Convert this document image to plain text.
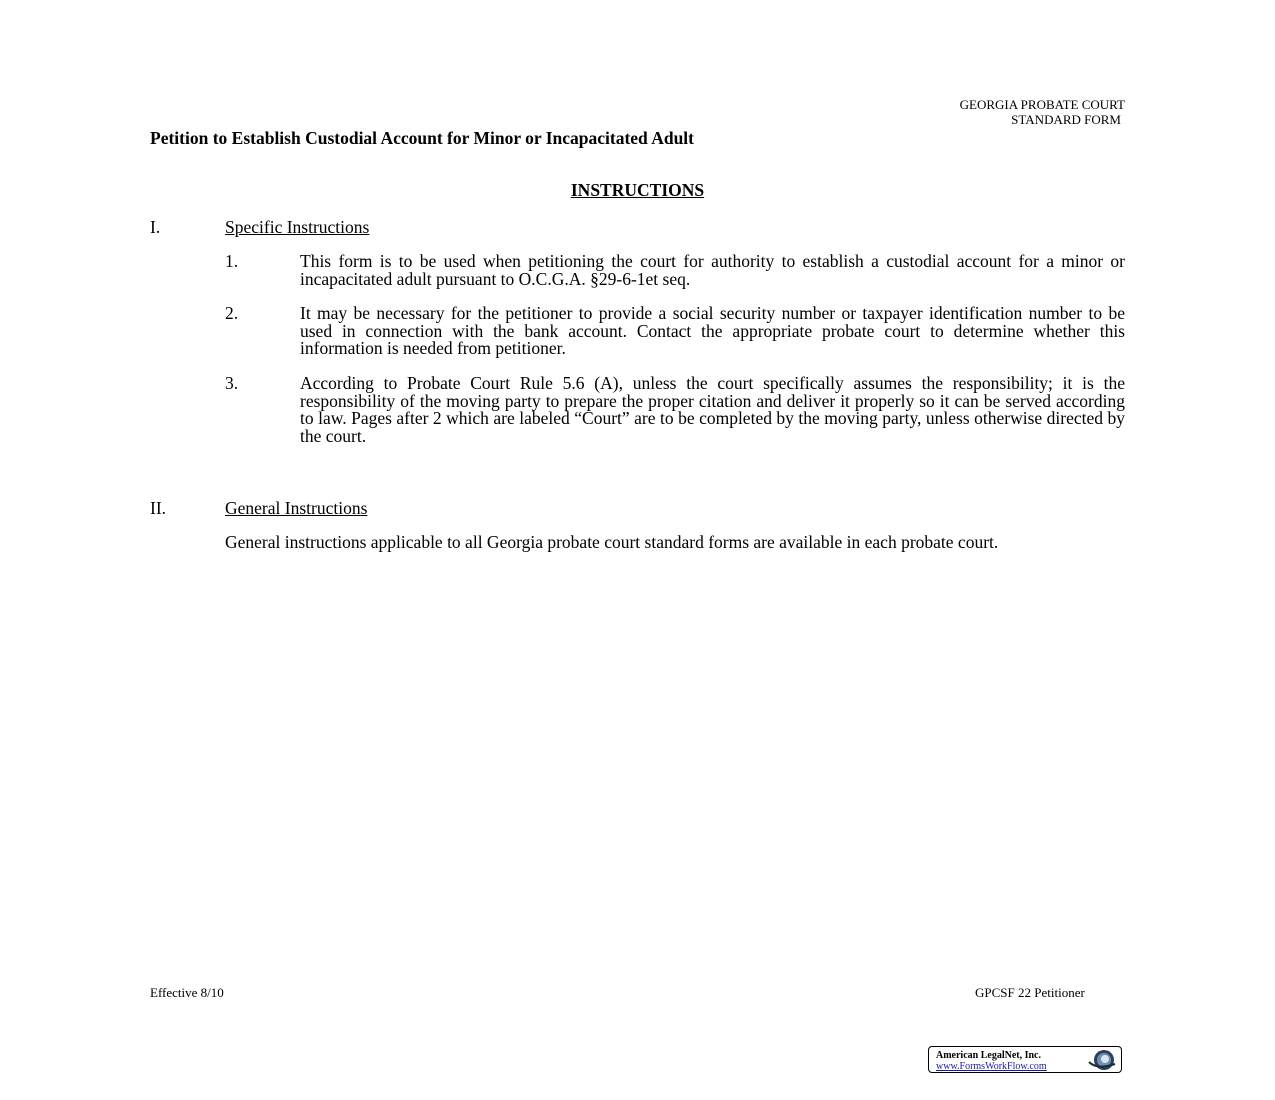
GEORGIA PROBATE COURT
STANDARD FORM
Petition to Establish Custodial Account for Minor or Incapacitated Adult
INSTRUCTIONS
I.	Specific Instructions
1.	This form is to be used when petitioning the court for authority to establish a custodial account for a minor or incapacitated adult pursuant to O.C.G.A. §29-6-1et seq.
2.	It may be necessary for the petitioner to provide a social security number or taxpayer identification number to be used in connection with the bank account. Contact the appropriate probate court to determine whether this information is needed from petitioner.
3.	According to Probate Court Rule 5.6 (A), unless the court specifically assumes the responsibility; it is the responsibility of the moving party to prepare the proper citation and deliver it properly so it can be served according to law. Pages after 2 which are labeled “Court” are to be completed by the moving party, unless otherwise directed by the court.
II.	General Instructions
General instructions applicable to all Georgia probate court standard forms are available in each probate court.
Effective 8/10	GPCSF 22 Petitioner
American LegalNet, Inc.
www.FormsWorkFlow.com
